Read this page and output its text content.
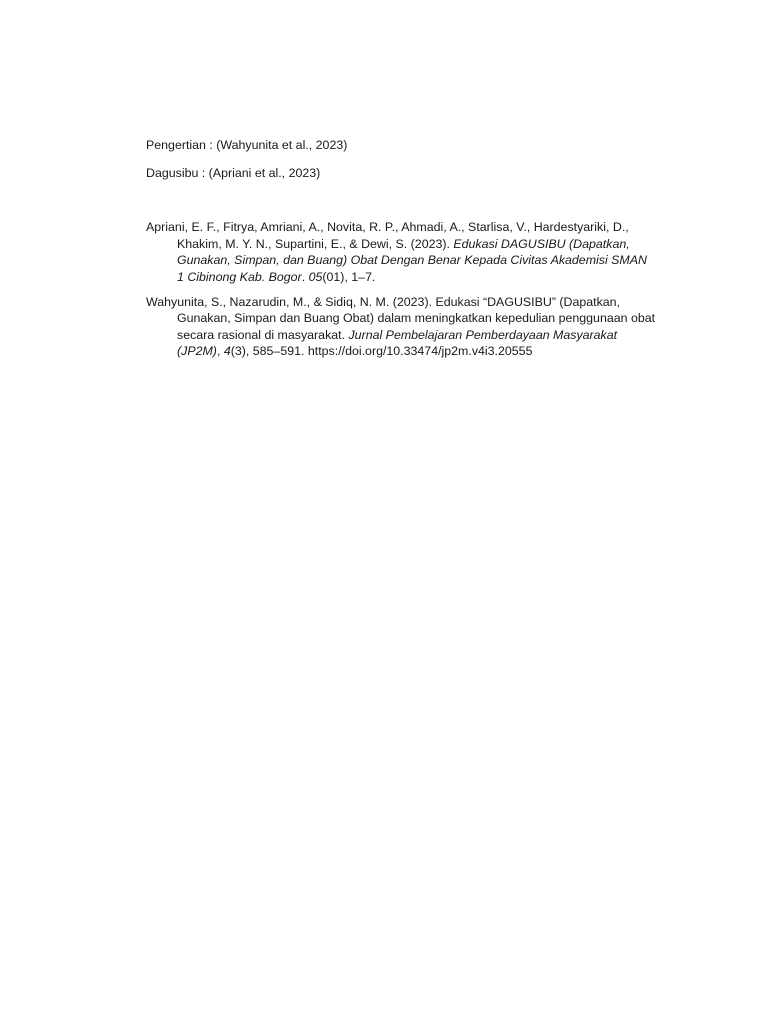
Pengertian : (Wahyunita et al., 2023)

Dagusibu : (Apriani et al., 2023)

Apriani, E. F., Fitrya, Amriani, A., Novita, R. P., Ahmadi, A., Starlisa, V., Hardestyariki, D., Khakim, M. Y. N., Supartini, E., & Dewi, S. (2023). Edukasi DAGUSIBU (Dapatkan, Gunakan, Simpan, dan Buang) Obat Dengan Benar Kepada Civitas Akademisi SMAN 1 Cibinong Kab. Bogor. 05(01), 1–7.

Wahyunita, S., Nazarudin, M., & Sidiq, N. M. (2023). Edukasi “DAGUSIBU” (Dapatkan, Gunakan, Simpan dan Buang Obat) dalam meningkatkan kepedulian penggunaan obat secara rasional di masyarakat. Jurnal Pembelajaran Pemberdayaan Masyarakat (JP2M), 4(3), 585–591. https://doi.org/10.33474/jp2m.v4i3.20555
